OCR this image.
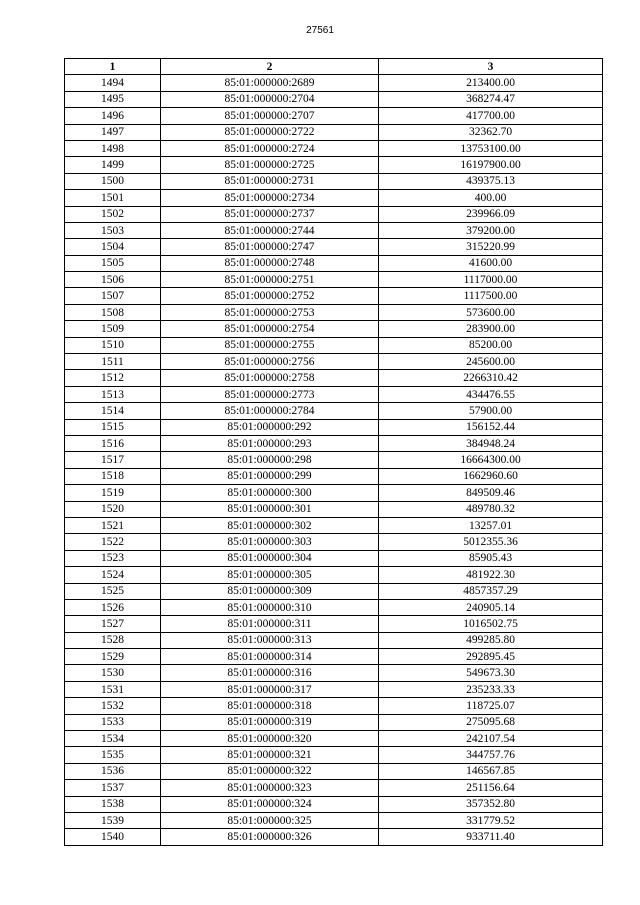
27561
1	2	3
1494	85:01:000000:2689	213400.00
1495	85:01:000000:2704	368274.47
1496	85:01:000000:2707	417700.00
1497	85:01:000000:2722	32362.70
1498	85:01:000000:2724	13753100.00
1499	85:01:000000:2725	16197900.00
1500	85:01:000000:2731	439375.13
1501	85:01:000000:2734	400.00
1502	85:01:000000:2737	239966.09
1503	85:01:000000:2744	379200.00
1504	85:01:000000:2747	315220.99
1505	85:01:000000:2748	41600.00
1506	85:01:000000:2751	1117000.00
1507	85:01:000000:2752	1117500.00
1508	85:01:000000:2753	573600.00
1509	85:01:000000:2754	283900.00
1510	85:01:000000:2755	85200.00
1511	85:01:000000:2756	245600.00
1512	85:01:000000:2758	2266310.42
1513	85:01:000000:2773	434476.55
1514	85:01:000000:2784	57900.00
1515	85:01:000000:292	156152.44
1516	85:01:000000:293	384948.24
1517	85:01:000000:298	16664300.00
1518	85:01:000000:299	1662960.60
1519	85:01:000000:300	849509.46
1520	85:01:000000:301	489780.32
1521	85:01:000000:302	13257.01
1522	85:01:000000:303	5012355.36
1523	85:01:000000:304	85905.43
1524	85:01:000000:305	481922.30
1525	85:01:000000:309	4857357.29
1526	85:01:000000:310	240905.14
1527	85:01:000000:311	1016502.75
1528	85:01:000000:313	499285.80
1529	85:01:000000:314	292895.45
1530	85:01:000000:316	549673.30
1531	85:01:000000:317	235233.33
1532	85:01:000000:318	118725.07
1533	85:01:000000:319	275095.68
1534	85:01:000000:320	242107.54
1535	85:01:000000:321	344757.76
1536	85:01:000000:322	146567.85
1537	85:01:000000:323	251156.64
1538	85:01:000000:324	357352.80
1539	85:01:000000:325	331779.52
1540	85:01:000000:326	933711.40
